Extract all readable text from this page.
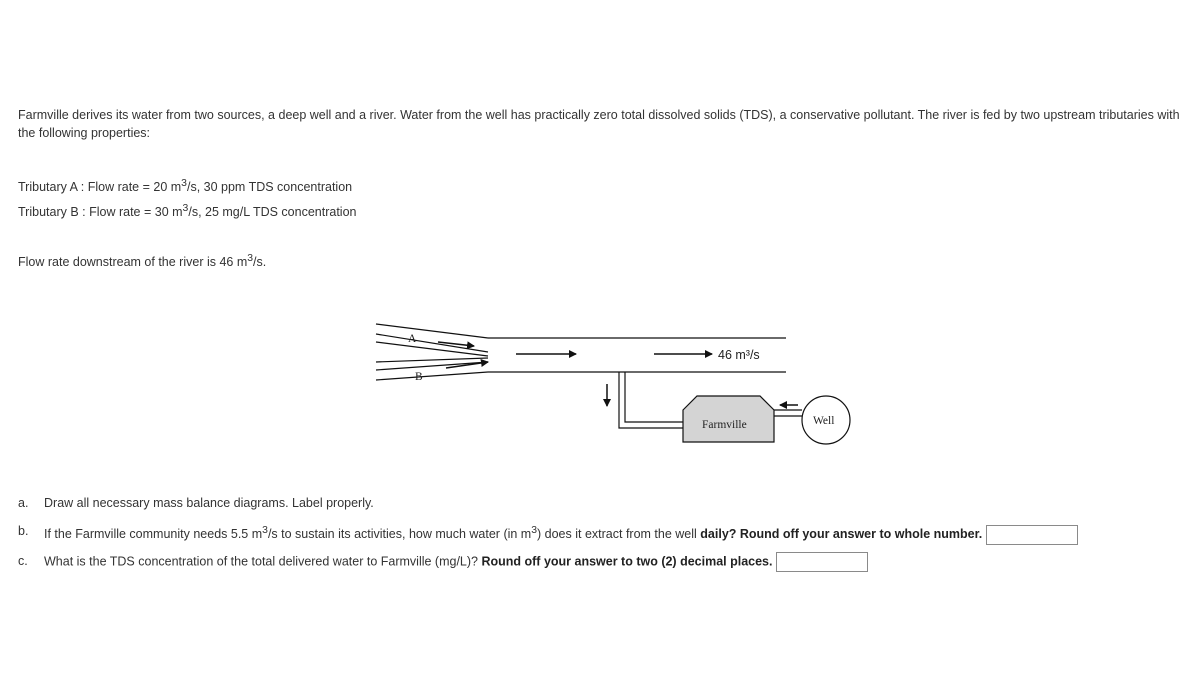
Farmville derives its water from two sources, a deep well and a river. Water from the well has practically zero total dissolved solids (TDS), a conservative pollutant. The river is fed by two upstream tributaries with the following properties:
Tributary A : Flow rate = 20 $m^3/s$, 30 ppm TDS concentration
Tributary B : Flow rate = 30 $m^3/s$, 25 mg/L TDS concentration
Flow rate downstream of the river is 46 $m^3/s$.
A
B
46 m³/s
Farmville	Well
a.	Draw all necessary mass balance diagrams. Label properly.
b.	If the Farmville community needs 5.5 $m^3/s$ to sustain its activities, how much water (in $m^3$) does it extract from the well daily? Round off your answer to whole number.
c.	What is the TDS concentration of the total delivered water to Farmville (mg/L)? Round off your answer to two (2) decimal places.
